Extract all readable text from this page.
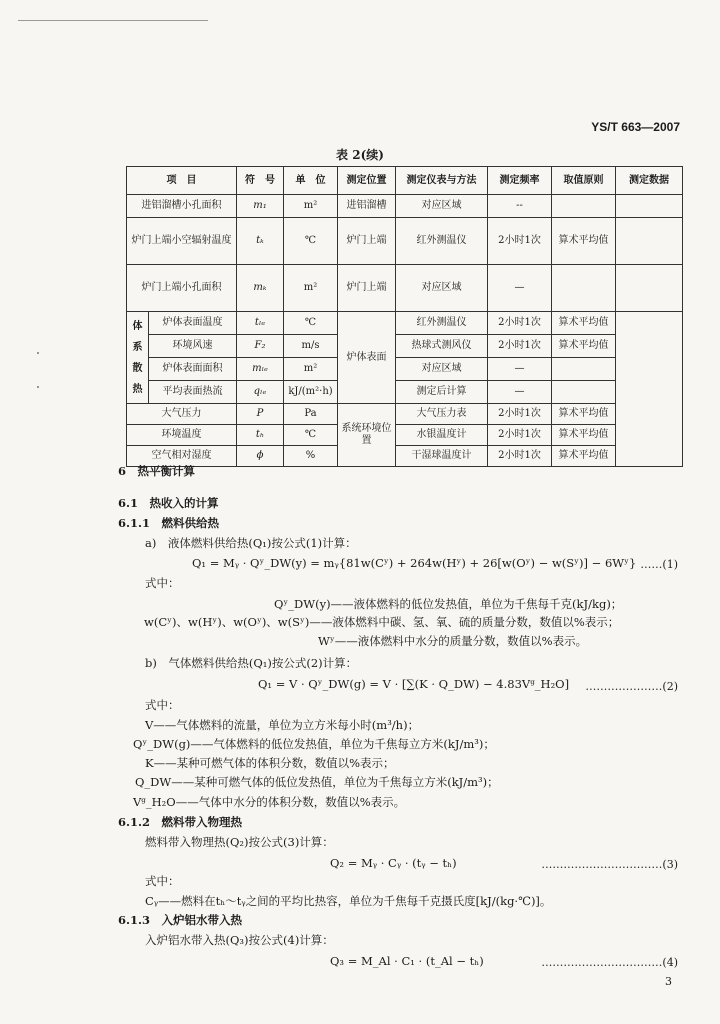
YS/T 663—2007
表 2(续)
项　目		符　号	单　位	测定位置	测定仪表与方法	测定频率	取值原则	测定数据
进铝溜槽小孔面积		m₁	m²	进铝溜槽	对应区域	--		
炉门上端小空辐射温度		tₖ	℃	炉门上端	红外测温仪	2小时1次	算术平均值	
炉门上端小孔面积		mₖ	m²	炉门上端	对应区域	—		

体系散热	炉体表面温度	tₗₑ	℃	炉体表面	红外测温仪	2小时1次	算术平均值	
	环境风速	F₂	m/s		热球式测风仪	2小时1次	算术平均值	
	炉体表面面积	mₗₑ	m²		对应区域	—		
	平均表面热流	qₗₑ	kJ/(m²·h)		测定后计算	—		
大气压力		P	Pa	系统环境位置	大气压力表	2小时1次	算术平均值	
环境温度		tₕ	℃		水银温度计	2小时1次	算术平均值	
空气相对湿度		ϕ	%		干湿球温度计	2小时1次	算术平均值	
6　热平衡计算
6.1　热收入的计算
6.1.1　燃料供给热
a)　液体燃料供给热(Q₁)按公式(1)计算：
Q₁ = Mᵧ · Qʸ_DW(y) = mᵧ{81w(Cʸ) + 264w(Hʸ) + 26[w(Oʸ) − w(Sʸ)] − 6Wʸ} ……(1)
式中：
Qʸ_DW(y)——液体燃料的低位发热值，单位为千焦每千克(kJ/kg)；
w(Cʸ)、w(Hʸ)、w(Oʸ)、w(Sʸ)——液体燃料中碳、氢、氧、硫的质量分数，数值以%表示；
Wʸ——液体燃料中水分的质量分数，数值以%表示。
b)　气体燃料供给热(Q₁)按公式(2)计算：
Q₁ = V · Qʸ_DW(g) = V · [∑(K · Q_DW) − 4.83Vᵍ_H₂O] …………………(2)
式中：
V——气体燃料的流量，单位为立方米每小时(m³/h)；
Qʸ_DW(g)——气体燃料的低位发热值，单位为千焦每立方米(kJ/m³)；
K——某种可燃气体的体积分数，数值以%表示；
Q_DW——某种可燃气体的低位发热值，单位为千焦每立方米(kJ/m³)；
Vᵍ_H₂O——气体中水分的体积分数，数值以%表示。
6.1.2　燃料带入物理热
燃料带入物理热(Q₂)按公式(3)计算：
Q₂ = Mᵧ · Cᵧ · (tᵧ − tₕ)	……………………………(3)
式中：
Cᵧ——燃料在tₕ～tᵧ之间的平均比热容，单位为千焦每千克摄氏度[kJ/(kg·℃)]。
6.1.3　入炉铝水带入热
入炉铝水带入热(Q₃)按公式(4)计算：
Q₃ = M_Al · C₁ · (t_Al − tₕ)	……………………………(4)
3
